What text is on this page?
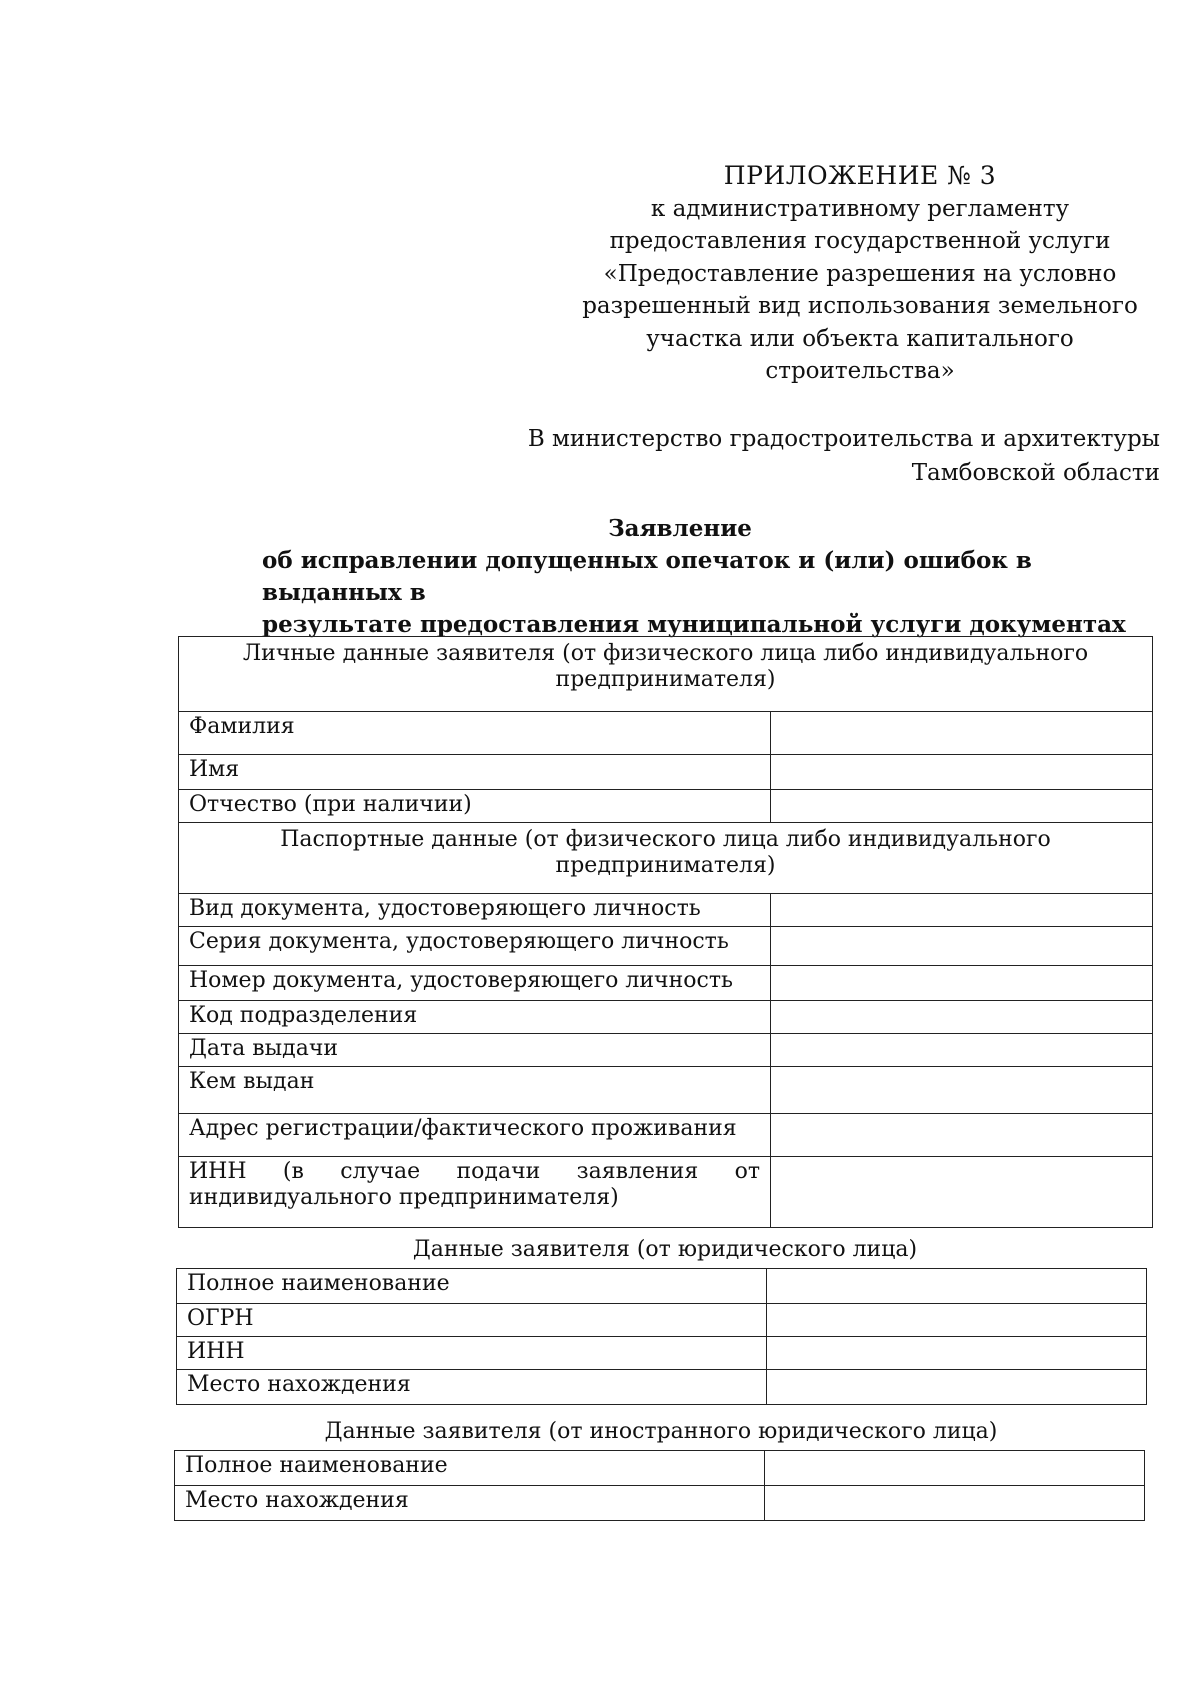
ПРИЛОЖЕНИЕ № 3
к административному регламенту
предоставления государственной услуги
«Предоставление разрешения на условно
разрешенный вид использования земельного
участка или объекта капитального
строительства»
В министерство градостроительства и архитектуры
Тамбовской области
Заявление
об исправлении допущенных опечаток и (или) ошибок в выданных в
результате предоставления муниципальной услуги документах
Личные данные заявителя (от физического лица либо индивидуального предпринимателя)	
Фамилия	
Имя	
Отчество (при наличии)	
Паспортные данные (от физического лица либо индивидуального предпринимателя)	
Вид документа, удостоверяющего личность	
Серия документа, удостоверяющего личность	
Номер документа, удостоверяющего личность	
Код подразделения	
Дата выдачи	
Кем выдан	
Адрес регистрации/фактического проживания	
ИНН (в случае подачи заявления от индивидуального предпринимателя)	
Данные заявителя (от юридического лица)
Полное наименование	
ОГРН	
ИНН	
Место нахождения	
Данные заявителя (от иностранного юридического лица)
Полное наименование	
Место нахождения	
